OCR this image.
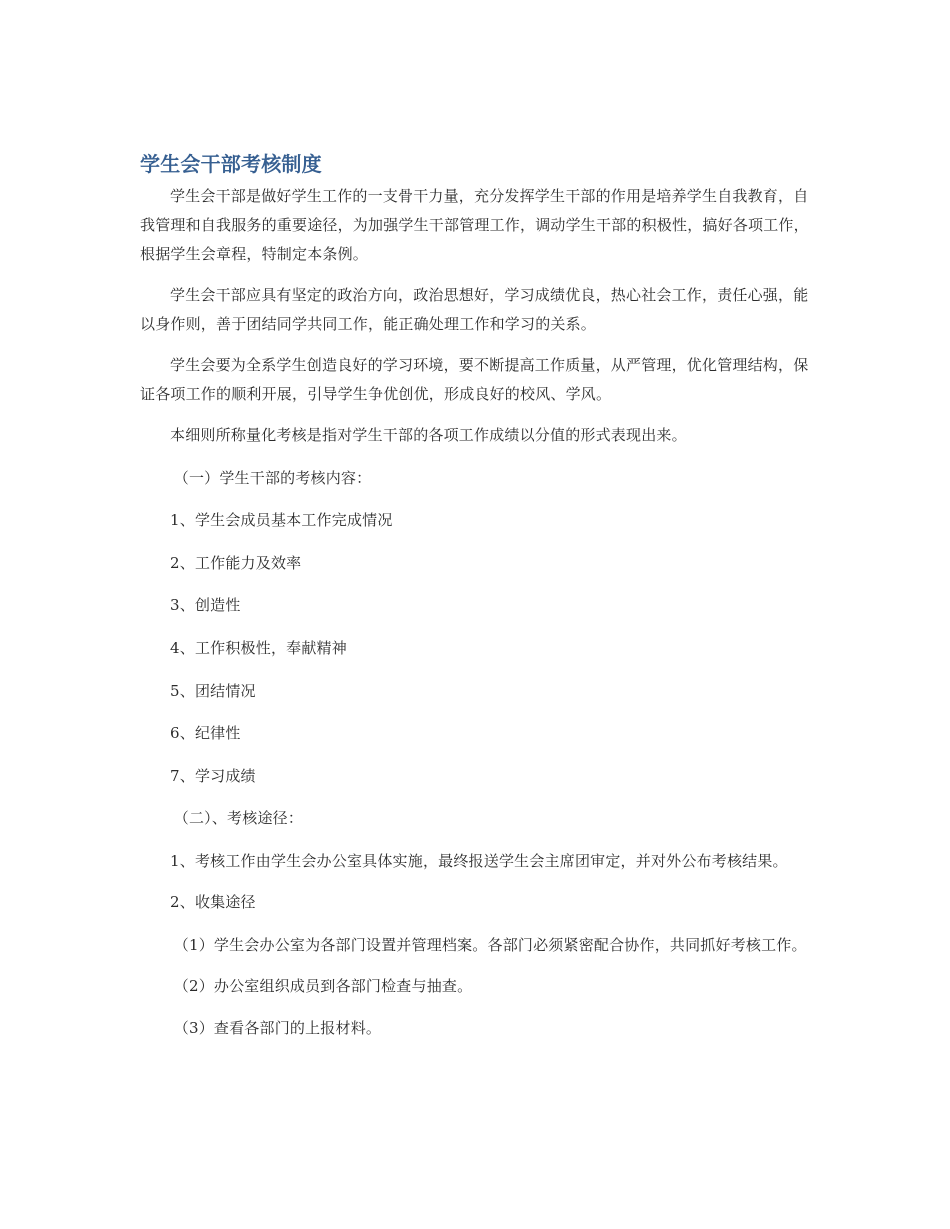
学生会干部考核制度

学生会干部是做好学生工作的一支骨干力量，充分发挥学生干部的作用是培养学生自我教育，自我管理和自我服务的重要途径，为加强学生干部管理工作，调动学生干部的积极性，搞好各项工作，根据学生会章程，特制定本条例。

学生会干部应具有坚定的政治方向，政治思想好，学习成绩优良，热心社会工作，责任心强，能以身作则，善于团结同学共同工作，能正确处理工作和学习的关系。

学生会要为全系学生创造良好的学习环境，要不断提高工作质量，从严管理，优化管理结构，保证各项工作的顺利开展，引导学生争优创优，形成良好的校风、学风。

本细则所称量化考核是指对学生干部的各项工作成绩以分值的形式表现出来。

（一）学生干部的考核内容：

1、学生会成员基本工作完成情况

2、工作能力及效率

3、创造性

4、工作积极性，奉献精神

5、团结情况

6、纪律性

7、学习成绩

（二）、考核途径：

1、考核工作由学生会办公室具体实施，最终报送学生会主席团审定，并对外公布考核结果。

2、收集途径

（1）学生会办公室为各部门设置并管理档案。各部门必须紧密配合协作，共同抓好考核工作。

（2）办公室组织成员到各部门检查与抽查。

（3）查看各部门的上报材料。
